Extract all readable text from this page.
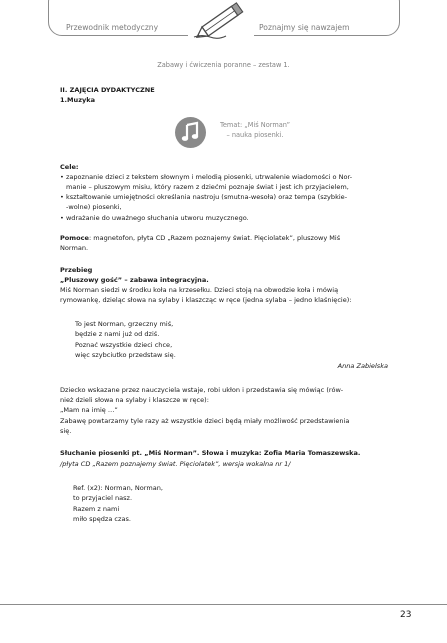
Przewodnik metodyczny	Poznajmy się nawzajem
Zabawy i ćwiczenia poranne – zestaw 1.
II. ZAJĘCIA DYDAKTYCZNE
1.Muzyka
Temat: „Miś Norman”
– nauka piosenki.
Cele:
• zapoznanie dzieci z tekstem słownym i melodią piosenki, utrwalenie wiadomości o Nor-
manie – pluszowym misiu, który razem z dziećmi poznaje świat i jest ich przyjacielem,
• kształtowanie umiejętności określania nastroju (smutna-wesoła) oraz tempa (szybkie-
-wolne) piosenki,
• wdrażanie do uważnego słuchania utworu muzycznego.
Pomoce: magnetofon, płyta CD „Razem poznajemy świat. Pięciolatek”, pluszowy Miś
Norman.
Przebieg
„Pluszowy gość” – zabawa integracyjna.
Miś Norman siedzi w środku koła na krzesełku. Dzieci stoją na obwodzie koła i mówią
rymowankę, dzieląc słowa na sylaby i klaszcząc w ręce (jedna sylaba – jedno klaśnięcie):
To jest Norman, grzeczny miś,
będzie z nami już od dziś.
Poznać wszystkie dzieci chce,
więc szybciutko przedstaw się.
Anna Zabielska
Dziecko wskazane przez nauczyciela wstaje, robi ukłon i przedstawia się mówiąc (rów-
nież dzieli słowa na sylaby i klaszcze w ręce):
„Mam na imię …”
Zabawę powtarzamy tyle razy aż wszystkie dzieci będą miały możliwość przedstawienia
się.
Słuchanie piosenki pt. „Miś Norman”. Słowa i muzyka: Zofia Maria Tomaszewska.
/płyta CD „Razem poznajemy świat. Pięciolatek”, wersja wokalna nr 1/
Ref. (x2): Norman, Norman,
to przyjaciel nasz.
Razem z nami
miło spędza czas.
23
